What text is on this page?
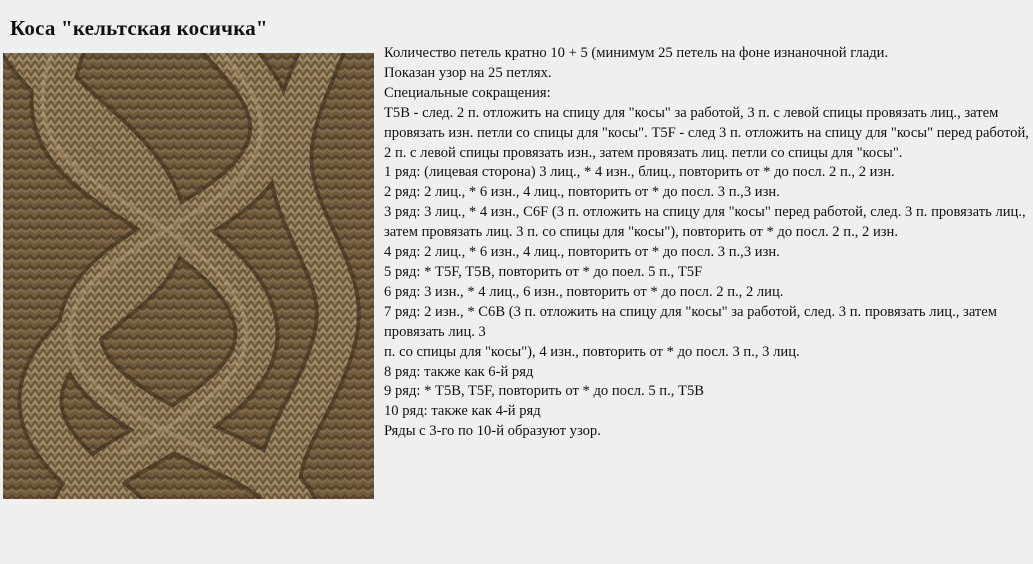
Коса "кельтская косичка"

Количество петель кратно 10 + 5 (минимум 25 петель на фоне изнаночной глади.

Показан узор на 25 петлях.

Специальные сокращения:

T5B - след. 2 п. отложить на спицу для "косы" за работой, 3 п. с левой спицы провязать лиц., затем провязать изн. петли со спицы для "косы". T5F - след 3 п. отложить на спицу для "косы" перед работой, 2 п. с левой спицы провязать изн., затем провязать лиц. петли со спицы для "косы".

1 ряд: (лицевая сторона) 3 лиц., * 4 изн., блиц., повторить от * до посл. 2 п., 2 изн.

2 ряд: 2 лиц., * 6 изн., 4 лиц., повторить от * до посл. 3 п.,3 изн.

3 ряд: 3 лиц., * 4 изн., C6F (3 п. отложить на спицу для "косы" перед работой, след. 3 п. провязать лиц., затем провязать лиц. 3 п. со спицы для "косы"), повторить от * до посл. 2 п., 2 изн.

4 ряд: 2 лиц., * 6 изн., 4 лиц., повторить от * до посл. 3 п.,3 изн.

5 ряд: * T5F, T5B, повторить от * до поел. 5 п., T5F

6 ряд: 3 изн., * 4 лиц., 6 изн., повторить от * до посл. 2 п., 2 лиц.

7 ряд: 2 изн., * C6B (3 п. отложить на спицу для "косы" за работой, след. 3 п. провязать лиц., затем провязать лиц. 3

п. со спицы для "косы"), 4 изн., повторить от * до посл. 3 п., 3 лиц.

8 ряд: также как 6-й ряд

9 ряд: * T5B, T5F, повторить от * до посл. 5 п., T5B

10 ряд: также как 4-й ряд

Ряды с 3-го по 10-й образуют узор.
